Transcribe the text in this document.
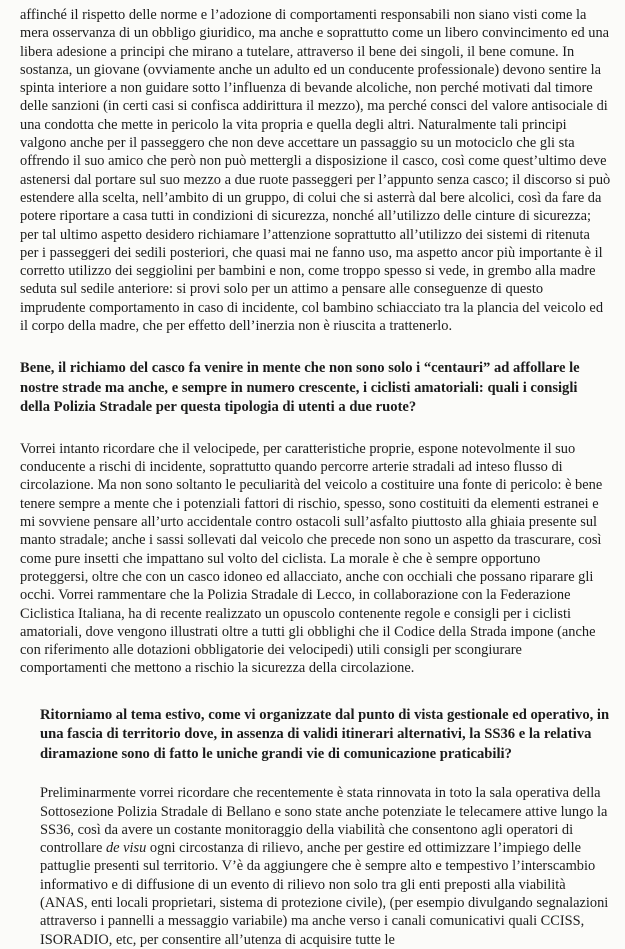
affinché il rispetto delle norme e l’adozione di comportamenti responsabili non siano visti come la mera osservanza di un obbligo giuridico, ma anche e soprattutto come un libero convincimento ed una libera adesione a principi che mirano a tutelare, attraverso il bene dei singoli, il bene comune. In sostanza, un giovane (ovviamente anche un adulto ed un conducente professionale) devono sentire la spinta interiore a non guidare sotto l’influenza di bevande alcoliche, non perché motivati dal timore delle sanzioni (in certi casi si confisca addirittura il mezzo), ma perché consci del valore antisociale di una condotta che mette in pericolo la vita propria e quella degli altri. Naturalmente tali principi valgono anche per il passeggero che non deve accettare un passaggio su un motociclo che gli sta offrendo il suo amico che però non può mettergli a disposizione il casco, così come quest’ultimo deve astenersi dal portare sul suo mezzo a due ruote passeggeri per l’appunto senza casco; il discorso si può estendere alla scelta, nell’ambito di un gruppo, di colui che si asterrà dal bere alcolici, così da fare da potere riportare a casa tutti in condizioni di sicurezza, nonché all’utilizzo delle cinture di sicurezza; per tal ultimo aspetto desidero richiamare l’attenzione soprattutto all’utilizzo dei sistemi di ritenuta per i passeggeri dei sedili posteriori, che quasi mai ne fanno uso, ma aspetto ancor più importante è il corretto utilizzo dei seggiolini per bambini e non, come troppo spesso si vede, in grembo alla madre seduta sul sedile anteriore: si provi solo per un attimo a pensare alle conseguenze di questo imprudente comportamento in caso di incidente, col bambino schiacciato tra la plancia del veicolo ed il corpo della madre, che per effetto dell’inerzia non è riuscita a trattenerlo.

Bene, il richiamo del casco fa venire in mente che non sono solo i “centauri” ad affollare le nostre strade ma anche, e sempre in numero crescente, i ciclisti amatoriali: quali i consigli della Polizia Stradale per questa tipologia di utenti a due ruote?

Vorrei intanto ricordare che il velocipede, per caratteristiche proprie, espone notevolmente il suo conducente a rischi di incidente, soprattutto quando percorre arterie stradali ad inteso flusso di circolazione. Ma non sono soltanto le peculiarità del veicolo a costituire una fonte di pericolo: è bene tenere sempre a mente che i potenziali fattori di rischio, spesso, sono costituiti da elementi estranei e mi sovviene pensare all’urto accidentale contro ostacoli sull’asfalto piuttosto alla ghiaia presente sul manto stradale; anche i sassi sollevati dal veicolo che precede non sono un aspetto da trascurare, così come pure insetti che impattano sul volto del ciclista. La morale è che è sempre opportuno proteggersi, oltre che con un casco idoneo ed allacciato, anche con occhiali che possano riparare gli occhi. Vorrei rammentare che la Polizia Stradale di Lecco, in collaborazione con la Federazione Ciclistica Italiana, ha di recente realizzato un opuscolo contenente regole e consigli per i ciclisti amatoriali, dove vengono illustrati oltre a tutti gli obblighi che il Codice della Strada impone (anche con riferimento alle dotazioni obbligatorie dei velocipedi) utili consigli per scongiurare comportamenti che mettono a rischio la sicurezza della circolazione.

Ritorniamo al tema estivo, come vi organizzate dal punto di vista gestionale ed operativo, in una fascia di territorio dove, in assenza di validi itinerari alternativi, la SS36 e la relativa diramazione sono di fatto le uniche grandi vie di comunicazione praticabili?

Preliminarmente vorrei ricordare che recentemente è stata rinnovata in toto la sala operativa della Sottosezione Polizia Stradale di Bellano e sono state anche potenziate le telecamere attive lungo la SS36, così da avere un costante monitoraggio della viabilità che consentono agli operatori di controllare de visu ogni circostanza di rilievo, anche per gestire ed ottimizzare l’impiego delle pattuglie presenti sul territorio. V’è da aggiungere che è sempre alto e tempestivo l’interscambio informativo e di diffusione di un evento di rilievo non solo tra gli enti preposti alla viabilità (ANAS, enti locali proprietari, sistema di protezione civile), (per esempio divulgando segnalazioni attraverso i pannelli a messaggio variabile) ma anche verso i canali comunicativi quali CCISS, ISORADIO, etc, per consentire all’utenza di acquisire tutte le
